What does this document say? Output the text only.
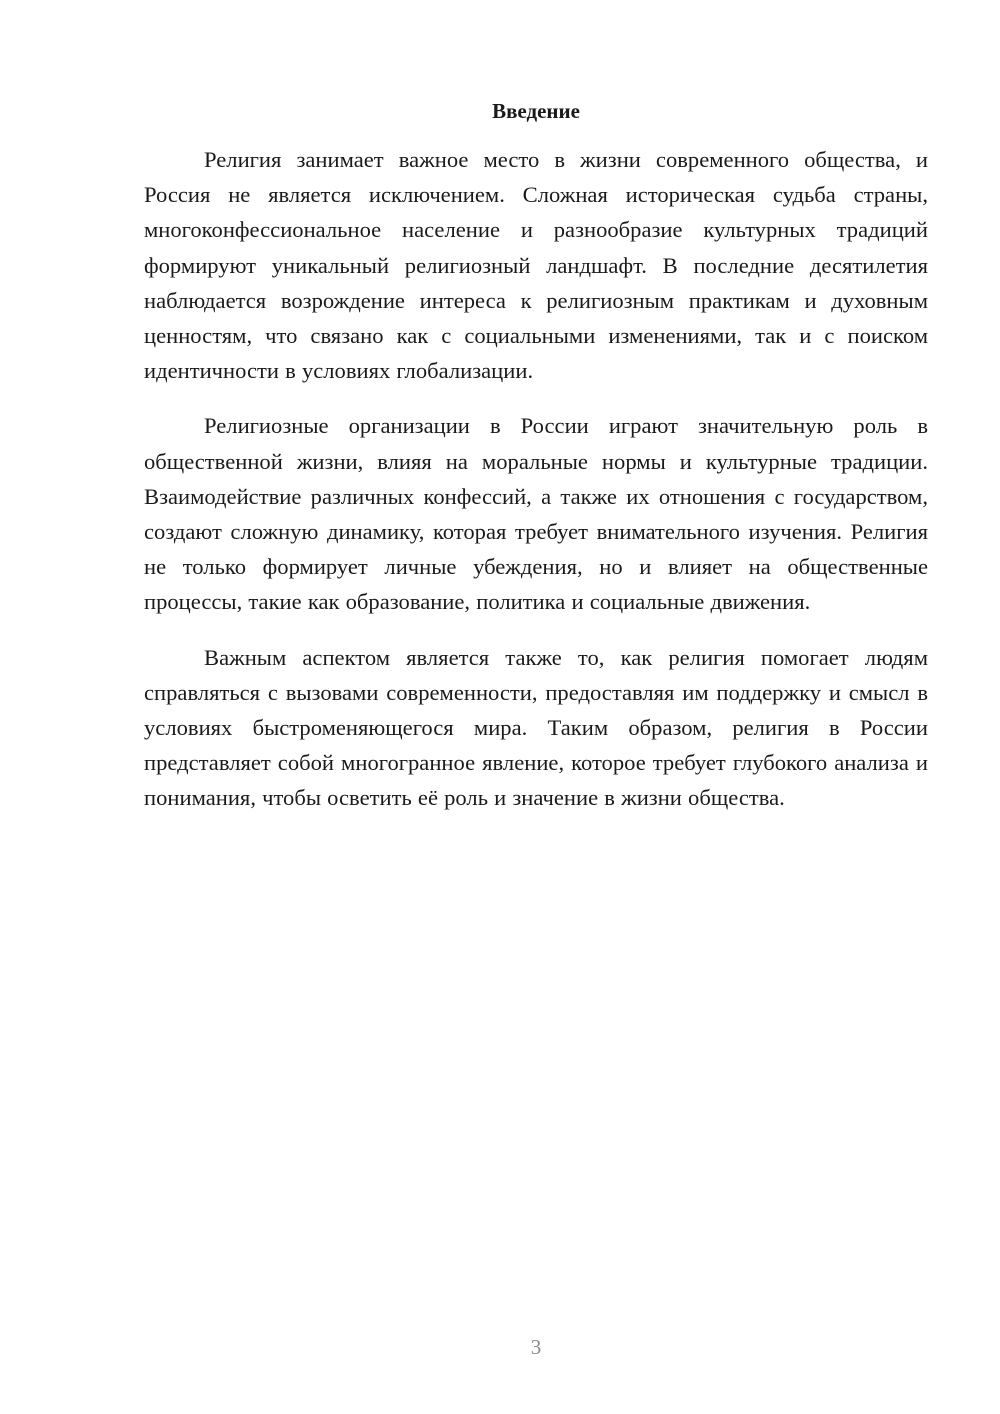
Введение

Религия занимает важное место в жизни современного общества, и Россия не является исключением. Сложная историческая судьба страны, многоконфессиональное население и разнообразие культурных традиций формируют уникальный религиозный ландшафт. В последние десятилетия наблюдается возрождение интереса к религиозным практикам и духовным ценностям, что связано как с социальными изменениями, так и с поиском идентичности в условиях глобализации.

Религиозные организации в России играют значительную роль в общественной жизни, влияя на моральные нормы и культурные традиции. Взаимодействие различных конфессий, а также их отношения с государством, создают сложную динамику, которая требует внимательного изучения. Религия не только формирует личные убеждения, но и влияет на общественные процессы, такие как образование, политика и социальные движения.

Важным аспектом является также то, как религия помогает людям справляться с вызовами современности, предоставляя им поддержку и смысл в условиях быстроменяющегося мира. Таким образом, религия в России представляет собой многогранное явление, которое требует глубокого анализа и понимания, чтобы осветить её роль и значение в жизни общества.

3
